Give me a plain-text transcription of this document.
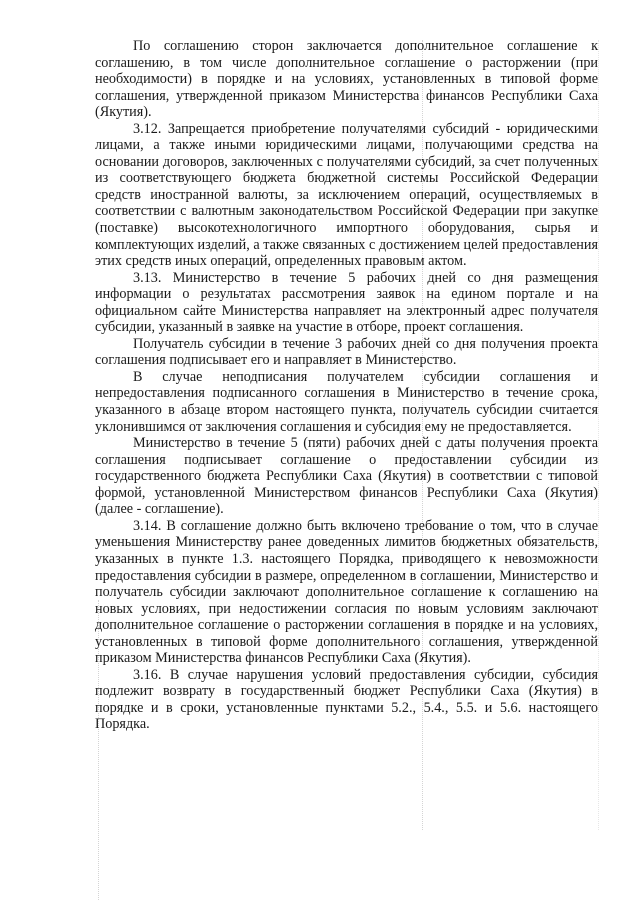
По соглашению сторон заключается дополнительное соглашение к соглашению, в том числе дополнительное соглашение о расторжении (при необходимости) в порядке и на условиях, установленных в типовой форме соглашения, утвержденной приказом Министерства финансов Республики Саха (Якутия).

3.12. Запрещается приобретение получателями субсидий - юридическими лицами, а также иными юридическими лицами, получающими средства на основании договоров, заключенных с получателями субсидий, за счет полученных из соответствующего бюджета бюджетной системы Российской Федерации средств иностранной валюты, за исключением операций, осуществляемых в соответствии с валютным законодательством Российской Федерации при закупке (поставке) высокотехнологичного импортного оборудования, сырья и комплектующих изделий, а также связанных с достижением целей предоставления этих средств иных операций, определенных правовым актом.

3.13. Министерство в течение 5 рабочих дней со дня размещения информации о результатах рассмотрения заявок на едином портале и на официальном сайте Министерства направляет на электронный адрес получателя субсидии, указанный в заявке на участие в отборе, проект соглашения.

Получатель субсидии в течение 3 рабочих дней со дня получения проекта соглашения подписывает его и направляет в Министерство.

В случае неподписания получателем субсидии соглашения и непредоставления подписанного соглашения в Министерство в течение срока, указанного в абзаце втором настоящего пункта, получатель субсидии считается уклонившимся от заключения соглашения и субсидия ему не предоставляется.

Министерство в течение 5 (пяти) рабочих дней с даты получения проекта соглашения подписывает соглашение о предоставлении субсидии из государственного бюджета Республики Саха (Якутия) в соответствии с типовой формой, установленной Министерством финансов Республики Саха (Якутия) (далее - соглашение).

3.14. В соглашение должно быть включено требование о том, что в случае уменьшения Министерству ранее доведенных лимитов бюджетных обязательств, указанных в пункте 1.3. настоящего Порядка, приводящего к невозможности предоставления субсидии в размере, определенном в соглашении, Министерство и получатель субсидии заключают дополнительное соглашение к соглашению на новых условиях, при недостижении согласия по новым условиям заключают дополнительное соглашение о расторжении соглашения в порядке и на условиях, установленных в типовой форме дополнительного соглашения, утвержденной приказом Министерства финансов Республики Саха (Якутия).

3.16. В случае нарушения условий предоставления субсидии, субсидия подлежит возврату в государственный бюджет Республики Саха (Якутия) в порядке и в сроки, установленные пунктами 5.2., 5.4., 5.5. и 5.6. настоящего Порядка.
